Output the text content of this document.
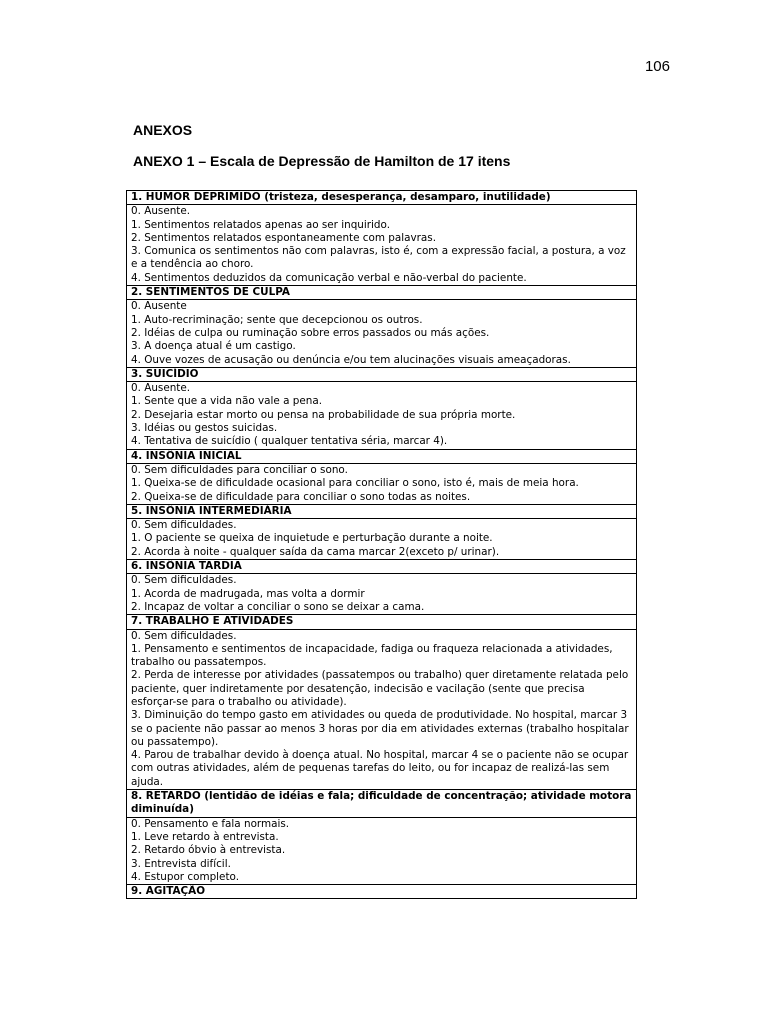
106
ANEXOS
ANEXO 1 – Escala de Depressão de Hamilton de 17 itens
1. HUMOR DEPRIMIDO (tristeza, desesperança, desamparo, inutilidade)

0. Ausente.
1. Sentimentos relatados apenas ao ser inquirido.
2. Sentimentos relatados espontaneamente com palavras.
3. Comunica os sentimentos não com palavras, isto é, com a expressão facial, a postura, a voz e a tendência ao choro.
4. Sentimentos deduzidos da comunicação verbal e não-verbal do paciente.

2. SENTIMENTOS DE CULPA

0. Ausente
1. Auto-recriminação; sente que decepcionou os outros.
2. Idéias de culpa ou ruminação sobre erros passados ou más ações.
3. A doença atual é um castigo.
4. Ouve vozes de acusação ou denúncia e/ou tem alucinações visuais ameaçadoras.

3. SUICÍDIO

0. Ausente.
1. Sente que a vida não vale a pena.
2. Desejaria estar morto ou pensa na probabilidade de sua própria morte.
3. Idéias ou gestos suicidas.
4. Tentativa de suicídio ( qualquer tentativa séria, marcar 4).

4. INSÔNIA INICIAL

0. Sem dificuldades para conciliar o sono.
1. Queixa-se de dificuldade ocasional para conciliar o sono, isto é, mais de meia hora.
2. Queixa-se de dificuldade para conciliar o sono todas as noites.

5. INSÔNIA INTERMEDIÁRIA

0. Sem dificuldades.
1. O paciente se queixa de inquietude e perturbação durante a noite.
2. Acorda à noite - qualquer saída da cama marcar 2(exceto p/ urinar).

6. INSÔNIA TARDIA

0. Sem dificuldades.
1. Acorda de madrugada, mas volta a dormir
2. Incapaz de voltar a conciliar o sono se deixar a cama.

7. TRABALHO E ATIVIDADES

0. Sem dificuldades.
1. Pensamento e sentimentos de incapacidade, fadiga ou fraqueza relacionada a atividades, trabalho ou passatempos.
2. Perda de interesse por atividades (passatempos ou trabalho) quer diretamente relatada pelo paciente, quer indiretamente por desatenção, indecisão e vacilação (sente que precisa esforçar-se para o trabalho ou atividade).
3. Diminuição do tempo gasto em atividades ou queda de produtividade. No hospital, marcar 3 se o paciente não passar ao menos 3 horas por dia em atividades externas (trabalho hospitalar ou passatempo).
4. Parou de trabalhar devido à doença atual. No hospital, marcar 4 se o paciente não se ocupar com outras atividades, além de pequenas tarefas do leito, ou for incapaz de realizá-las sem ajuda.

8. RETARDO (lentidão de idéias e fala; dificuldade de concentração; atividade motora diminuída)

0. Pensamento e fala normais.
1. Leve retardo à entrevista.
2. Retardo óbvio à entrevista.
3. Entrevista difícil.
4. Estupor completo.

9. AGITAÇÃO
